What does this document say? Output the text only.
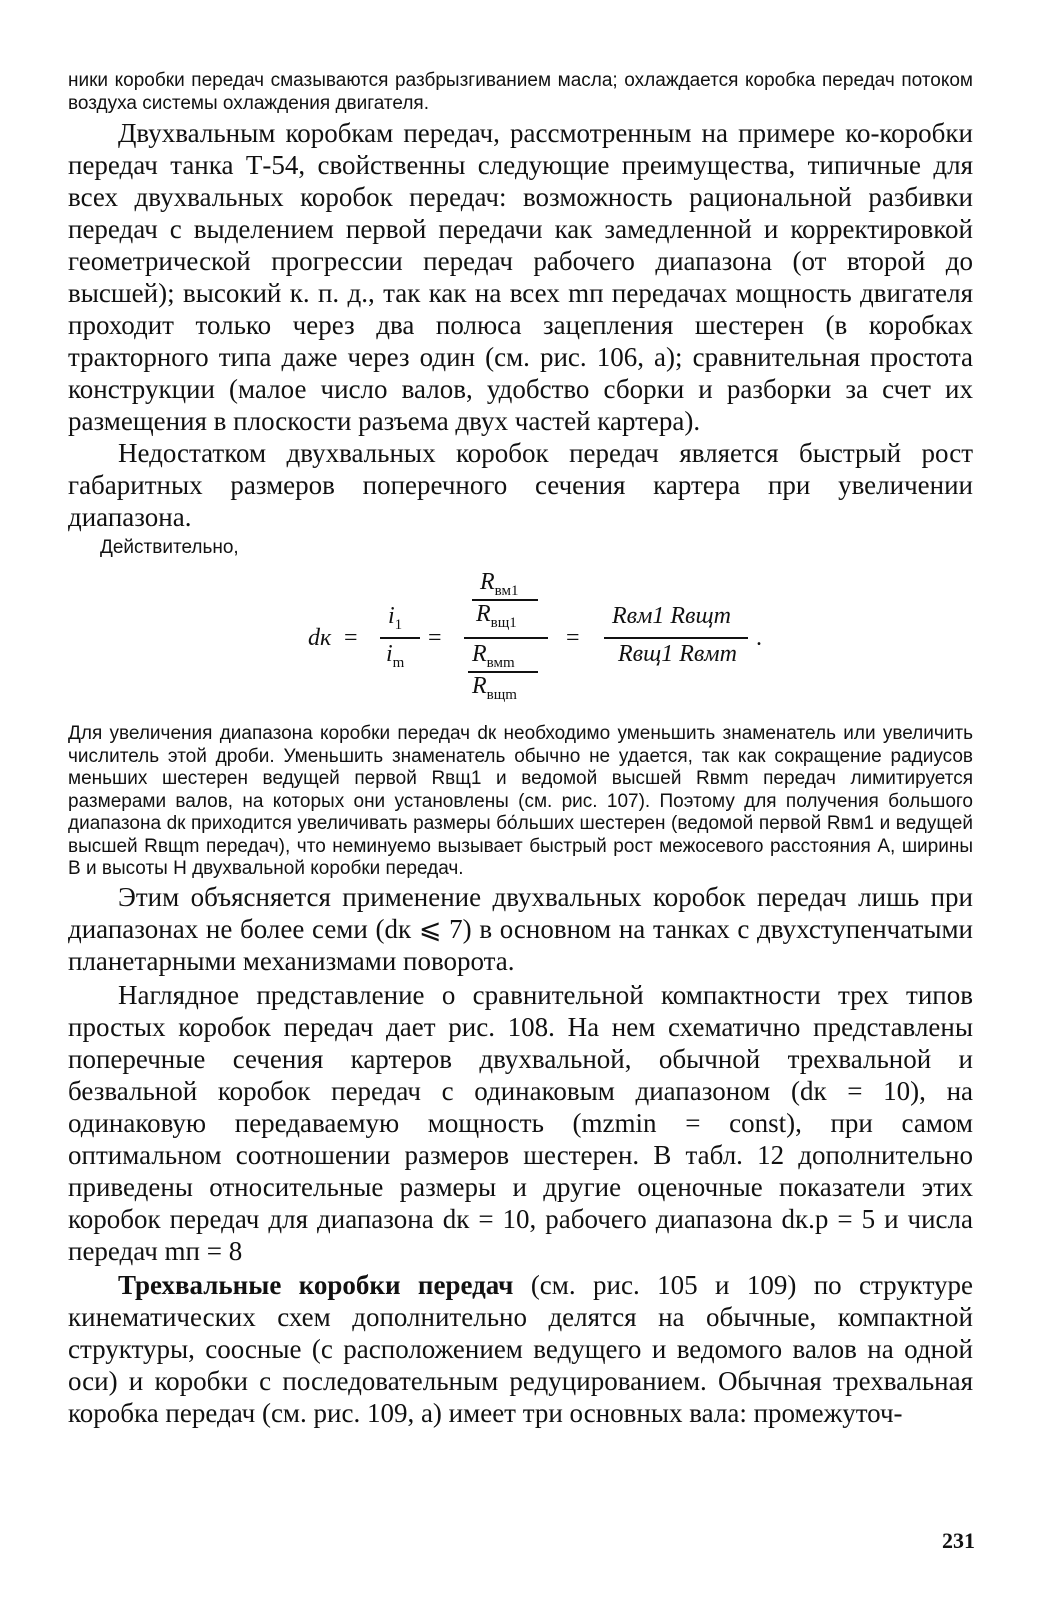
ники коробки передач смазываются разбрызгиванием масла; охлаждается коробка передач потоком воздуха системы охлаждения двигателя.

Двухвальным коробкам передач, рассмотренным на примере ко-коробки передач танка Т-54, свойственны следующие преимущества, типичные для всех двухвальных коробок передач: возможность рациональной разбивки передач с выделением первой передачи как замедленной и корректировкой геометрической прогрессии передач рабочего диапазона (от второй до высшей); высокий к. п. д., так как на всех mп передачах мощность двигателя проходит только через два полюса зацепления шестерен (в коробках тракторного типа даже через один (см. рис. 106, a); сравнительная простота конструкции (малое число валов, удобство сборки и разборки за счет их размещения в плоскости разъема двух частей картера).

Недостатком двухвальных коробок передач является быстрый рост габаритных размеров поперечного сечения картера при увеличении диапазона.

Действительно,

dк =
$i_1$
$i_m$
=
$R_{вм1}$
$R_{вщ1}$
$R_{вмm}$
$R_{вщm}$
=
Rвм1 Rвщm
Rвщ1 Rвмm
.

Для увеличения диапазона коробки передач dк необходимо уменьшить знаменатель или увеличить числитель этой дроби. Уменьшить знаменатель обычно не удается, так как сокращение радиусов меньших шестерен ведущей первой Rвщ1 и ведомой высшей Rвмm передач лимитируется размерами валов, на которых они установлены (см. рис. 107). Поэтому для получения большого диапазона dк приходится увеличивать размеры бо́льших шестерен (ведомой первой Rвм1 и ведущей высшей Rвщm передач), что неминуемо вызывает быстрый рост межосевого расстояния A, ширины B и высоты H двухвальной коробки передач.

Этим объясняется применение двухвальных коробок передач лишь при диапазонах не более семи (dк ⩽ 7) в основном на танках с двухступенчатыми планетарными механизмами поворота.

Наглядное представление о сравнительной компактности трех типов простых коробок передач дает рис. 108. На нем схематично представлены поперечные сечения картеров двухвальной, обычной трехвальной и безвальной коробок передач с одинаковым диапазоном (dк = 10), на одинаковую передаваемую мощность (mzmin = const), при самом оптимальном соотношении размеров шестерен. В табл. 12 дополнительно приведены относительные размеры и другие оценочные показатели этих коробок передач для диапазона dк = 10, рабочего диапазона dк.р = 5 и числа передач mп = 8

Трехвальные коробки передач (см. рис. 105 и 109) по структуре кинематических схем дополнительно делятся на обычные, компактной структуры, соосные (с расположением ведущего и ведомого валов на одной оси) и коробки с последовательным редуцированием. Обычная трехвальная коробка передач (см. рис. 109, a) имеет три основных вала: промежуточ-

231
